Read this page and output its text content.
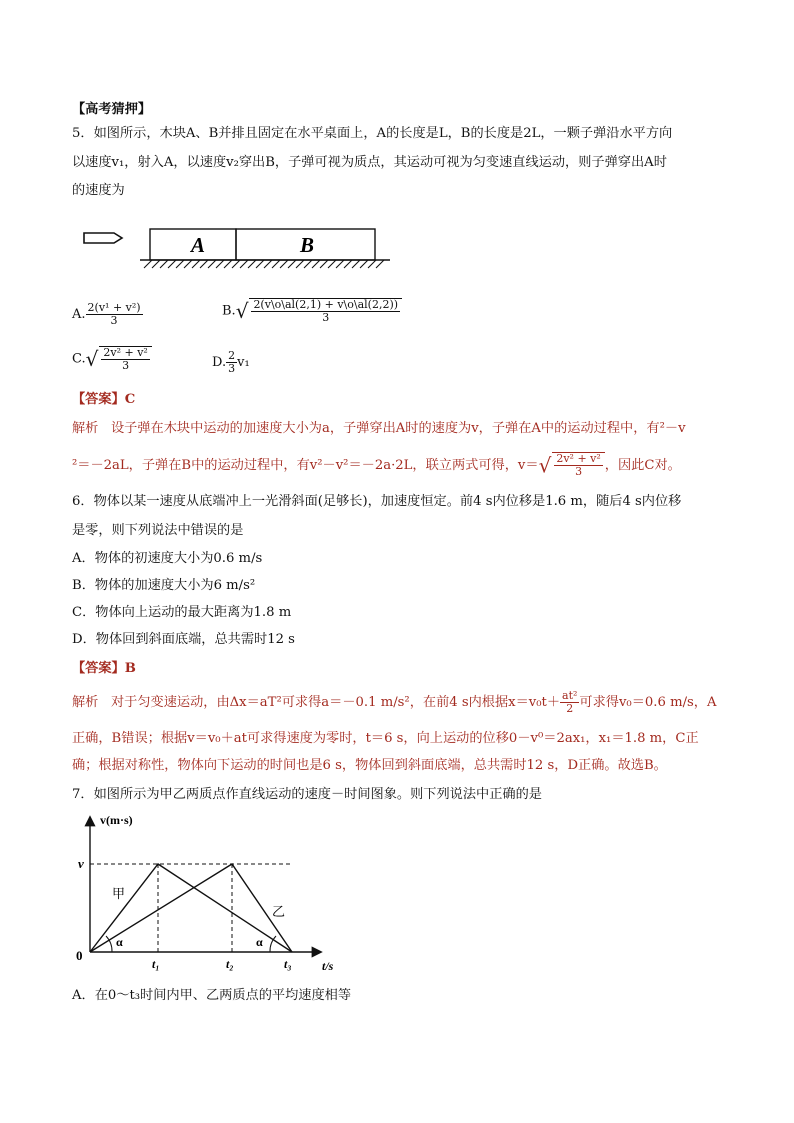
【高考猜押】
5．如图所示，木块A、B并排且固定在水平桌面上，A的长度是L，B的长度是2L，一颗子弹沿水平方向
以速度v₁，射入A，以速度v₂穿出B，子弹可视为质点，其运动可视为匀变速直线运动，则子弹穿出A时
的速度为
A	B
A. $\frac{\text{2(v¹ + v²)}}{3}$	$B.√ \frac{2(v\backslash o\backslash al(2,1) + v\backslash o\backslash al(2,2))}{3}$
$C.√ \frac{\text{2v² + v²}}{3}$	D. $\frac{2}{3} v_1$
【答案】C
解析 设子弹在木块中运动的加速度大小为a，子弹穿出A时的速度为v，子弹在A中的运动过程中，有²－v
²＝－2aL，子弹在B中的运动过程中，有v²－v²＝－2a·2L，联立两式可得，$v=√ \frac{\text{2v² + v²}}{3}$ ，因此C对。
6．物体以某一速度从底端冲上一光滑斜面(足够长)，加速度恒定。前4 s内位移是1.6 m，随后4 s内位移
是零，则下列说法中错误的是
A．物体的初速度大小为0.6 m/s
B．物体的加速度大小为6 m/s²
C．物体向上运动的最大距离为1.8 m
D．物体回到斜面底端，总共需时12 s
【答案】B
解析 对于匀变速运动，由Δx＝aT²可求得a＝－0.1 m/s²，在前4 s内根据$x=v_0t+ \frac{\text{at²}}{2}$ 可求得v₀＝0.6 m/s，A
正确，B错误；根据v＝v₀＋at可求得速度为零时，t＝6 s，向上运动的位移0－v⁰＝2ax₁，x₁＝1.8 m，C正
确；根据对称性，物体向下运动的时间也是6 s，物体回到斜面底端，总共需时12 s，D正确。故选B。
7．如图所示为甲乙两质点作直线运动的速度－时间图象。则下列说法中正确的是
v(m·s)
v
0
t/s
t₁	t₂	t₃
甲
乙
α	α
A．在0～t₃时间内甲、乙两质点的平均速度相等
